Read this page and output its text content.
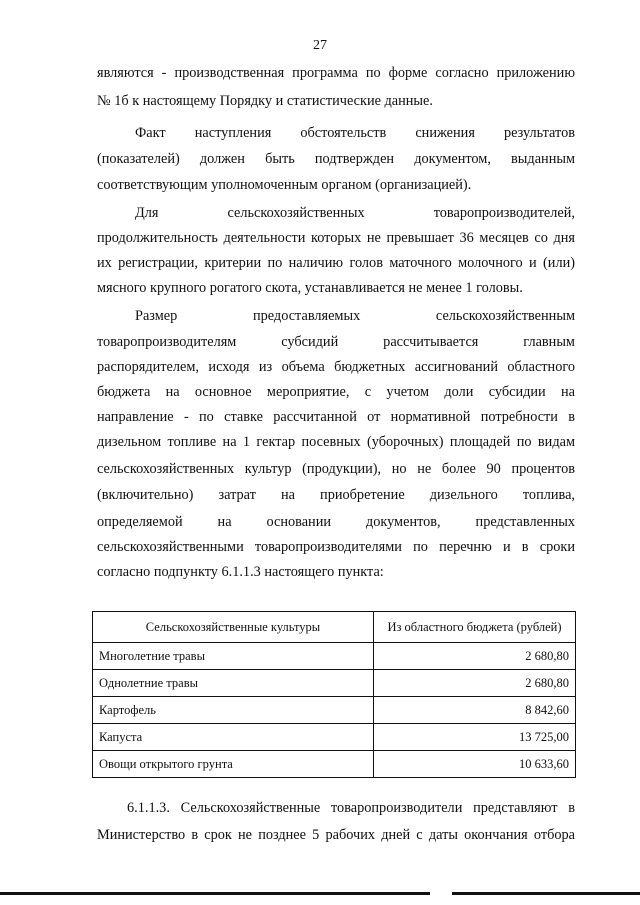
27
являются - производственная программа по форме согласно приложению
№ 1б к настоящему Порядку и статистические данные.
Факт наступления обстоятельств снижения результатов
(показателей) должен быть подтвержден документом, выданным
соответствующим уполномоченным органом (организацией).
Для сельскохозяйственных товаропроизводителей,
продолжительность деятельности которых не превышает 36 месяцев со дня
их регистрации, критерии по наличию голов маточного молочного и (или)
мясного крупного рогатого скота, устанавливается не менее 1 головы.
Размер предоставляемых сельскохозяйственным
товаропроизводителям субсидий рассчитывается главным
распорядителем, исходя из объема бюджетных ассигнований областного
бюджета на основное мероприятие, с учетом доли субсидии на
направление - по ставке рассчитанной от нормативной потребности в
дизельном топливе на 1 гектар посевных (уборочных) площадей по видам
сельскохозяйственных культур (продукции), но не более 90 процентов
(включительно) затрат на приобретение дизельного топлива,
определяемой на основании документов, представленных
сельскохозяйственными товаропроизводителями по перечню и в сроки
согласно подпункту 6.1.1.3 настоящего пункта:
6.1.1.3. Сельскохозяйственные товаропроизводители представляют в
Министерство в срок не позднее 5 рабочих дней с даты окончания отбора
Сельскохозяйственные культуры	Из областного бюджета (рублей)
Многолетние травы	2 680,80
Однолетние травы	2 680,80
Картофель	8 842,60
Капуста	13 725,00
Овощи открытого грунта	10 633,60
